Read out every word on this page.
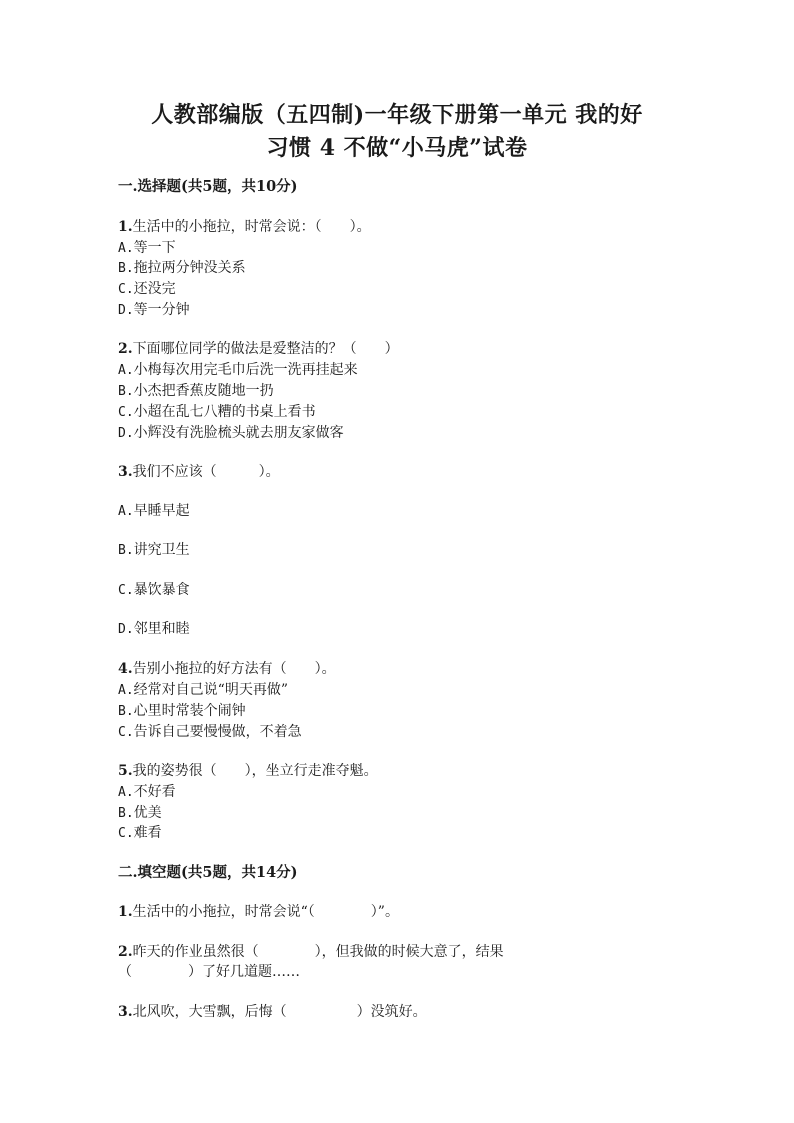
人教部编版（五四制)一年级下册第一单元 我的好
习惯 4 不做“小马虎”试卷
一.选择题(共5题，共10分)
1.生活中的小拖拉，时常会说：（　　）。
A.等一下
B.拖拉两分钟没关系
C.还没完
D.等一分钟
2.下面哪位同学的做法是爱整洁的？（　　）
A.小梅每次用完毛巾后洗一洗再挂起来
B.小杰把香蕉皮随地一扔
C.小超在乱七八糟的书桌上看书
D.小辉没有洗脸梳头就去朋友家做客
3.我们不应该（　　　）。
A.早睡早起
B.讲究卫生
C.暴饮暴食
D.邻里和睦
4.告别小拖拉的好方法有（　　）。
A.经常对自己说“明天再做”
B.心里时常装个闹钟
C.告诉自己要慢慢做，不着急
5.我的姿势很（　　），坐立行走准夺魁。
A.不好看
B.优美
C.难看
二.填空题(共5题，共14分)
1.生活中的小拖拉，时常会说“（　　　　）”。
2.昨天的作业虽然很（　　　　），但我做的时候大意了，结果
（　　　　）了好几道题……
3.北风吹，大雪飘，后悔（　　　　　）没筑好。
